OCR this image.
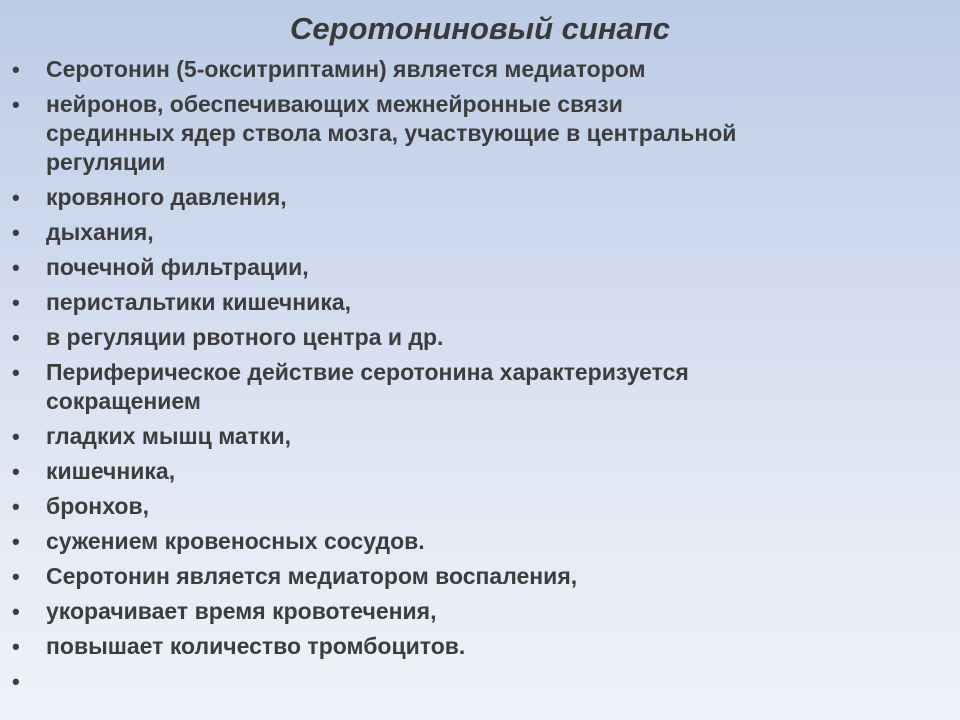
Серотониновый синапс
• Серотонин (5-окситриптамин) является медиатором
• нейронов, обеспечивающих межнейронные связи
срединных ядер ствола мозга, участвующие в центральной
регуляции
• кровяного давления,
• дыхания,
• почечной фильтрации,
• перистальтики кишечника,
• в регуляции рвотного центра и др.
• Периферическое действие серотонина характеризуется
сокращением
• гладких мышц матки,
• кишечника,
• бронхов,
• сужением кровеносных сосудов.
• Серотонин является медиатором воспаления,
• укорачивает время кровотечения,
• повышает количество тромбоцитов.
•
